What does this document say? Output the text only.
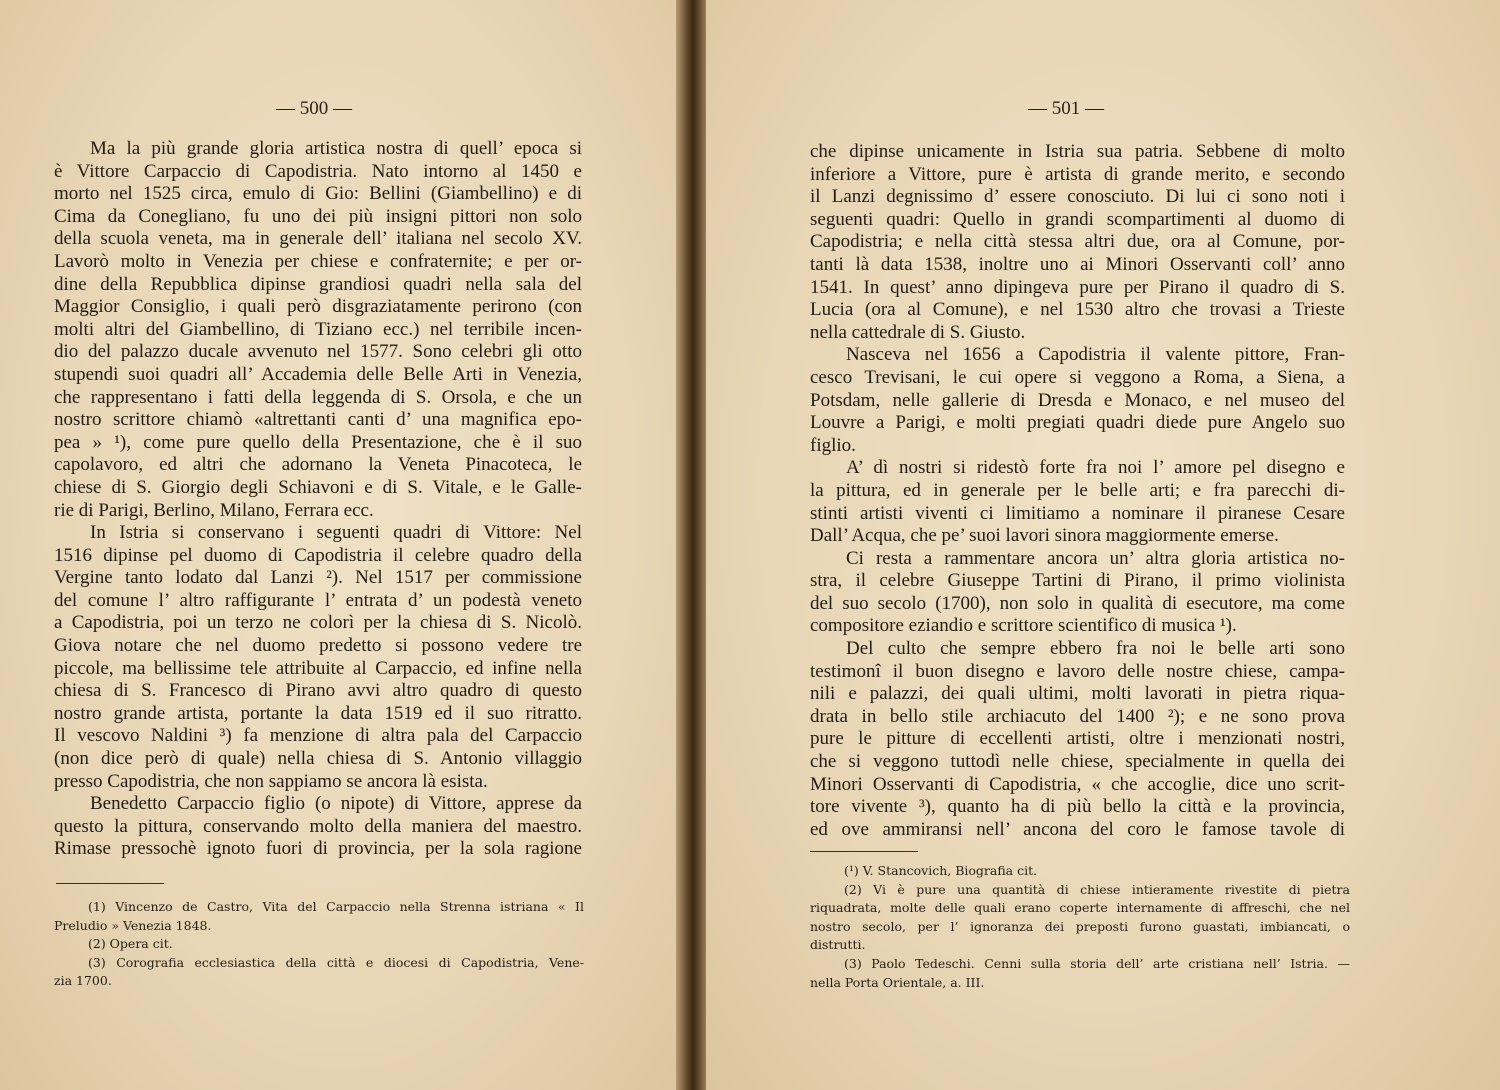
— 500 —
Ma la più grande gloria artistica nostra di quell’ epoca si
è Vittore Carpaccio di Capodistria. Nato intorno al 1450 e
morto nel 1525 circa, emulo di Gio: Bellini (Giambellino) e di
Cima da Conegliano, fu uno dei più insigni pittori non solo
della scuola veneta, ma in generale dell’ italiana nel secolo XV.
Lavorò molto in Venezia per chiese e confraternite; e per or-
dine della Repubblica dipinse grandiosi quadri nella sala del
Maggior Consiglio, i quali però disgraziatamente perirono (con
molti altri del Giambellino, di Tiziano ecc.) nel terribile incen-
dio del palazzo ducale avvenuto nel 1577. Sono celebri gli otto
stupendi suoi quadri all’ Accademia delle Belle Arti in Venezia,
che rappresentano i fatti della leggenda di S. Orsola, e che un
nostro scrittore chiamò «altrettanti canti d’ una magnifica epo-
pea » ¹), come pure quello della Presentazione, che è il suo
capolavoro, ed altri che adornano la Veneta Pinacoteca, le
chiese di S. Giorgio degli Schiavoni e di S. Vitale, e le Galle-
rie di Parigi, Berlino, Milano, Ferrara ecc.
In Istria si conservano i seguenti quadri di Vittore: Nel
1516 dipinse pel duomo di Capodistria il celebre quadro della
Vergine tanto lodato dal Lanzi ²). Nel 1517 per commissione
del comune l’ altro raffigurante l’ entrata d’ un podestà veneto
a Capodistria, poi un terzo ne colorì per la chiesa di S. Nicolò.
Giova notare che nel duomo predetto si possono vedere tre
piccole, ma bellissime tele attribuite al Carpaccio, ed infine nella
chiesa di S. Francesco di Pirano avvi altro quadro di questo
nostro grande artista, portante la data 1519 ed il suo ritratto.
Il vescovo Naldini ³) fa menzione di altra pala del Carpaccio
(non dice però di quale) nella chiesa di S. Antonio villaggio
presso Capodistria, che non sappiamo se ancora là esista.
Benedetto Carpaccio figlio (o nipote) di Vittore, apprese da
questo la pittura, conservando molto della maniera del maestro.
Rimase pressochè ignoto fuori di provincia, per la sola ragione
(1) Vincenzo de Castro, Vita del Carpaccio nella Strenna istriana « Il
Preludio » Venezia 1848.
(2) Opera cit.
(3) Corografia ecclesiastica della città e diocesi di Capodistria, Vene-
zia 1700.
— 501 —
che dipinse unicamente in Istria sua patria. Sebbene di molto
inferiore a Vittore, pure è artista di grande merito, e secondo
il Lanzi degnissimo d’ essere conosciuto. Di lui ci sono noti i
seguenti quadri: Quello in grandi scompartimenti al duomo di
Capodistria; e nella città stessa altri due, ora al Comune, por-
tanti là data 1538, inoltre uno ai Minori Osservanti coll’ anno
1541. In quest’ anno dipingeva pure per Pirano il quadro di S.
Lucia (ora al Comune), e nel 1530 altro che trovasi a Trieste
nella cattedrale di S. Giusto.
Nasceva nel 1656 a Capodistria il valente pittore, Fran-
cesco Trevisani, le cui opere si veggono a Roma, a Siena, a
Potsdam, nelle gallerie di Dresda e Monaco, e nel museo del
Louvre a Parigi, e molti pregiati quadri diede pure Angelo suo
figlio.
A’ dì nostri si ridestò forte fra noi l’ amore pel disegno e
la pittura, ed in generale per le belle arti; e fra parecchi di-
stinti artisti viventi ci limitiamo a nominare il piranese Cesare
Dall’ Acqua, che pe’ suoi lavori sinora maggiormente emerse.
Ci resta a rammentare ancora un’ altra gloria artistica no-
stra, il celebre Giuseppe Tartini di Pirano, il primo violinista
del suo secolo (1700), non solo in qualità di esecutore, ma come
compositore eziandio e scrittore scientifico di musica ¹).
Del culto che sempre ebbero fra noi le belle arti sono
testimonî il buon disegno e lavoro delle nostre chiese, campa-
nili e palazzi, dei quali ultimi, molti lavorati in pietra riqua-
drata in bello stile archiacuto del 1400 ²); e ne sono prova
pure le pitture di eccellenti artisti, oltre i menzionati nostri,
che si veggono tuttodì nelle chiese, specialmente in quella dei
Minori Osservanti di Capodistria, « che accoglie, dice uno scrit-
tore vivente ³), quanto ha di più bello la città e la provincia,
ed ove ammiransi nell’ ancona del coro le famose tavole di
(¹) V. Stancovich, Biografia cit.
(2) Vi è pure una quantità di chiese intieramente rivestite di pietra
riquadrata, molte delle quali erano coperte internamente di affreschi, che nel
nostro secolo, per l’ ignoranza dei preposti furono guastati, imbiancati, o
distrutti.
(3) Paolo Tedeschi. Cenni sulla storia dell’ arte cristiana nell’ Istria. —
nella Porta Orientale, a. III.
